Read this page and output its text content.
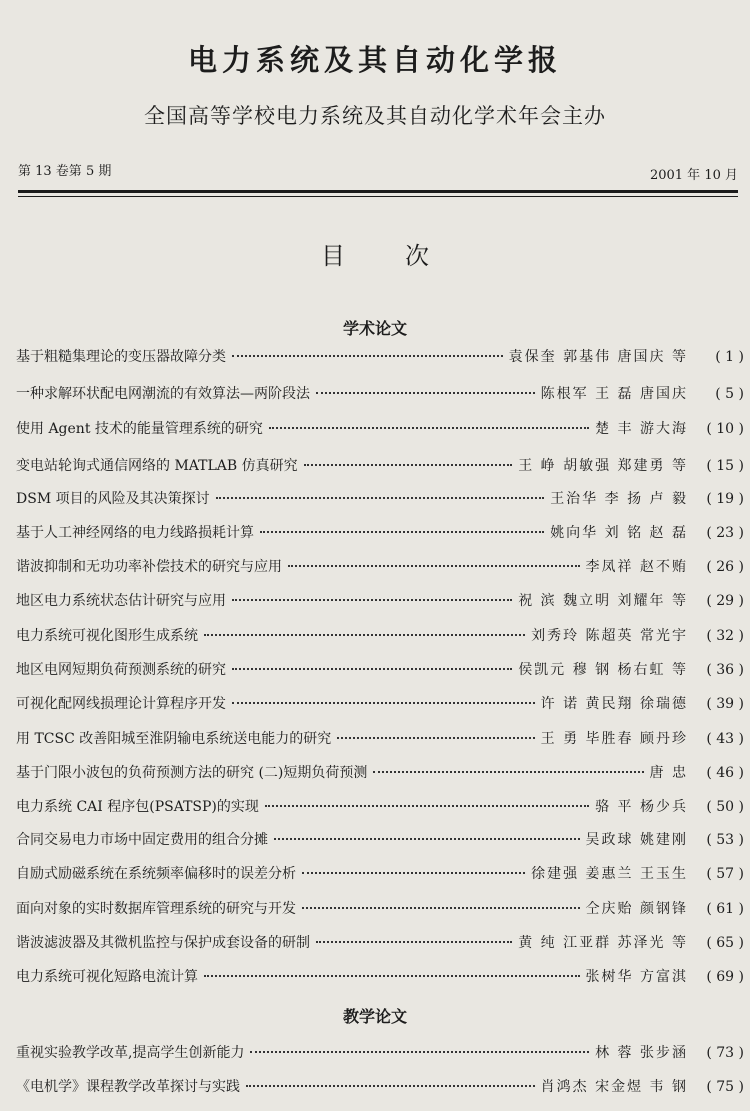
电力系统及其自动化学报
全国高等学校电力系统及其自动化学术年会主办
第 13 卷第 5 期	2001 年 10 月
目	次
学术论文
基于粗糙集理论的变压器故障分类	袁保奎 郭基伟 唐国庆 等	( 1 )
一种求解环状配电网潮流的有效算法—两阶段法	陈根军 王 磊 唐国庆	( 5 )
使用 Agent 技术的能量管理系统的研究	楚 丰 游大海	( 10 )
变电站轮询式通信网络的 MATLAB 仿真研究	王 峥 胡敏强 郑建勇 等	( 15 )
DSM 项目的风险及其决策探讨	王治华 李 扬 卢 毅	( 19 )
基于人工神经网络的电力线路损耗计算	姚向华 刘 铭 赵 磊	( 23 )
谐波抑制和无功功率补偿技术的研究与应用	李凤祥 赵不贿	( 26 )
地区电力系统状态估计研究与应用	祝 滨 魏立明 刘耀年 等	( 29 )
电力系统可视化图形生成系统	刘秀玲 陈超英 常光宇	( 32 )
地区电网短期负荷预测系统的研究	侯凯元 穆 钢 杨右虹 等	( 36 )
可视化配网线损理论计算程序开发	许 诺 黄民翔 徐瑞德	( 39 )
用 TCSC 改善阳城至淮阴输电系统送电能力的研究	王 勇 毕胜春 顾丹珍	( 43 )
基于门限小波包的负荷预测方法的研究 (二)短期负荷预测	唐 忠	( 46 )
电力系统 CAI 程序包(PSATSP)的实现	骆 平 杨少兵	( 50 )
合同交易电力市场中固定费用的组合分摊	吴政球 姚建刚	( 53 )
自励式励磁系统在系统频率偏移时的误差分析	徐建强 姜惠兰 王玉生	( 57 )
面向对象的实时数据库管理系统的研究与开发	仝庆贻 颜钢锋	( 61 )
谐波滤波器及其微机监控与保护成套设备的研制	黄 纯 江亚群 苏泽光 等	( 65 )
电力系统可视化短路电流计算	张树华 方富淇	( 69 )
教学论文
重视实验教学改革,提高学生创新能力	林 蓉 张步涵	( 73 )
《电机学》课程教学改革探讨与实践	肖鸿杰 宋金煜 韦 钢	( 75 )
